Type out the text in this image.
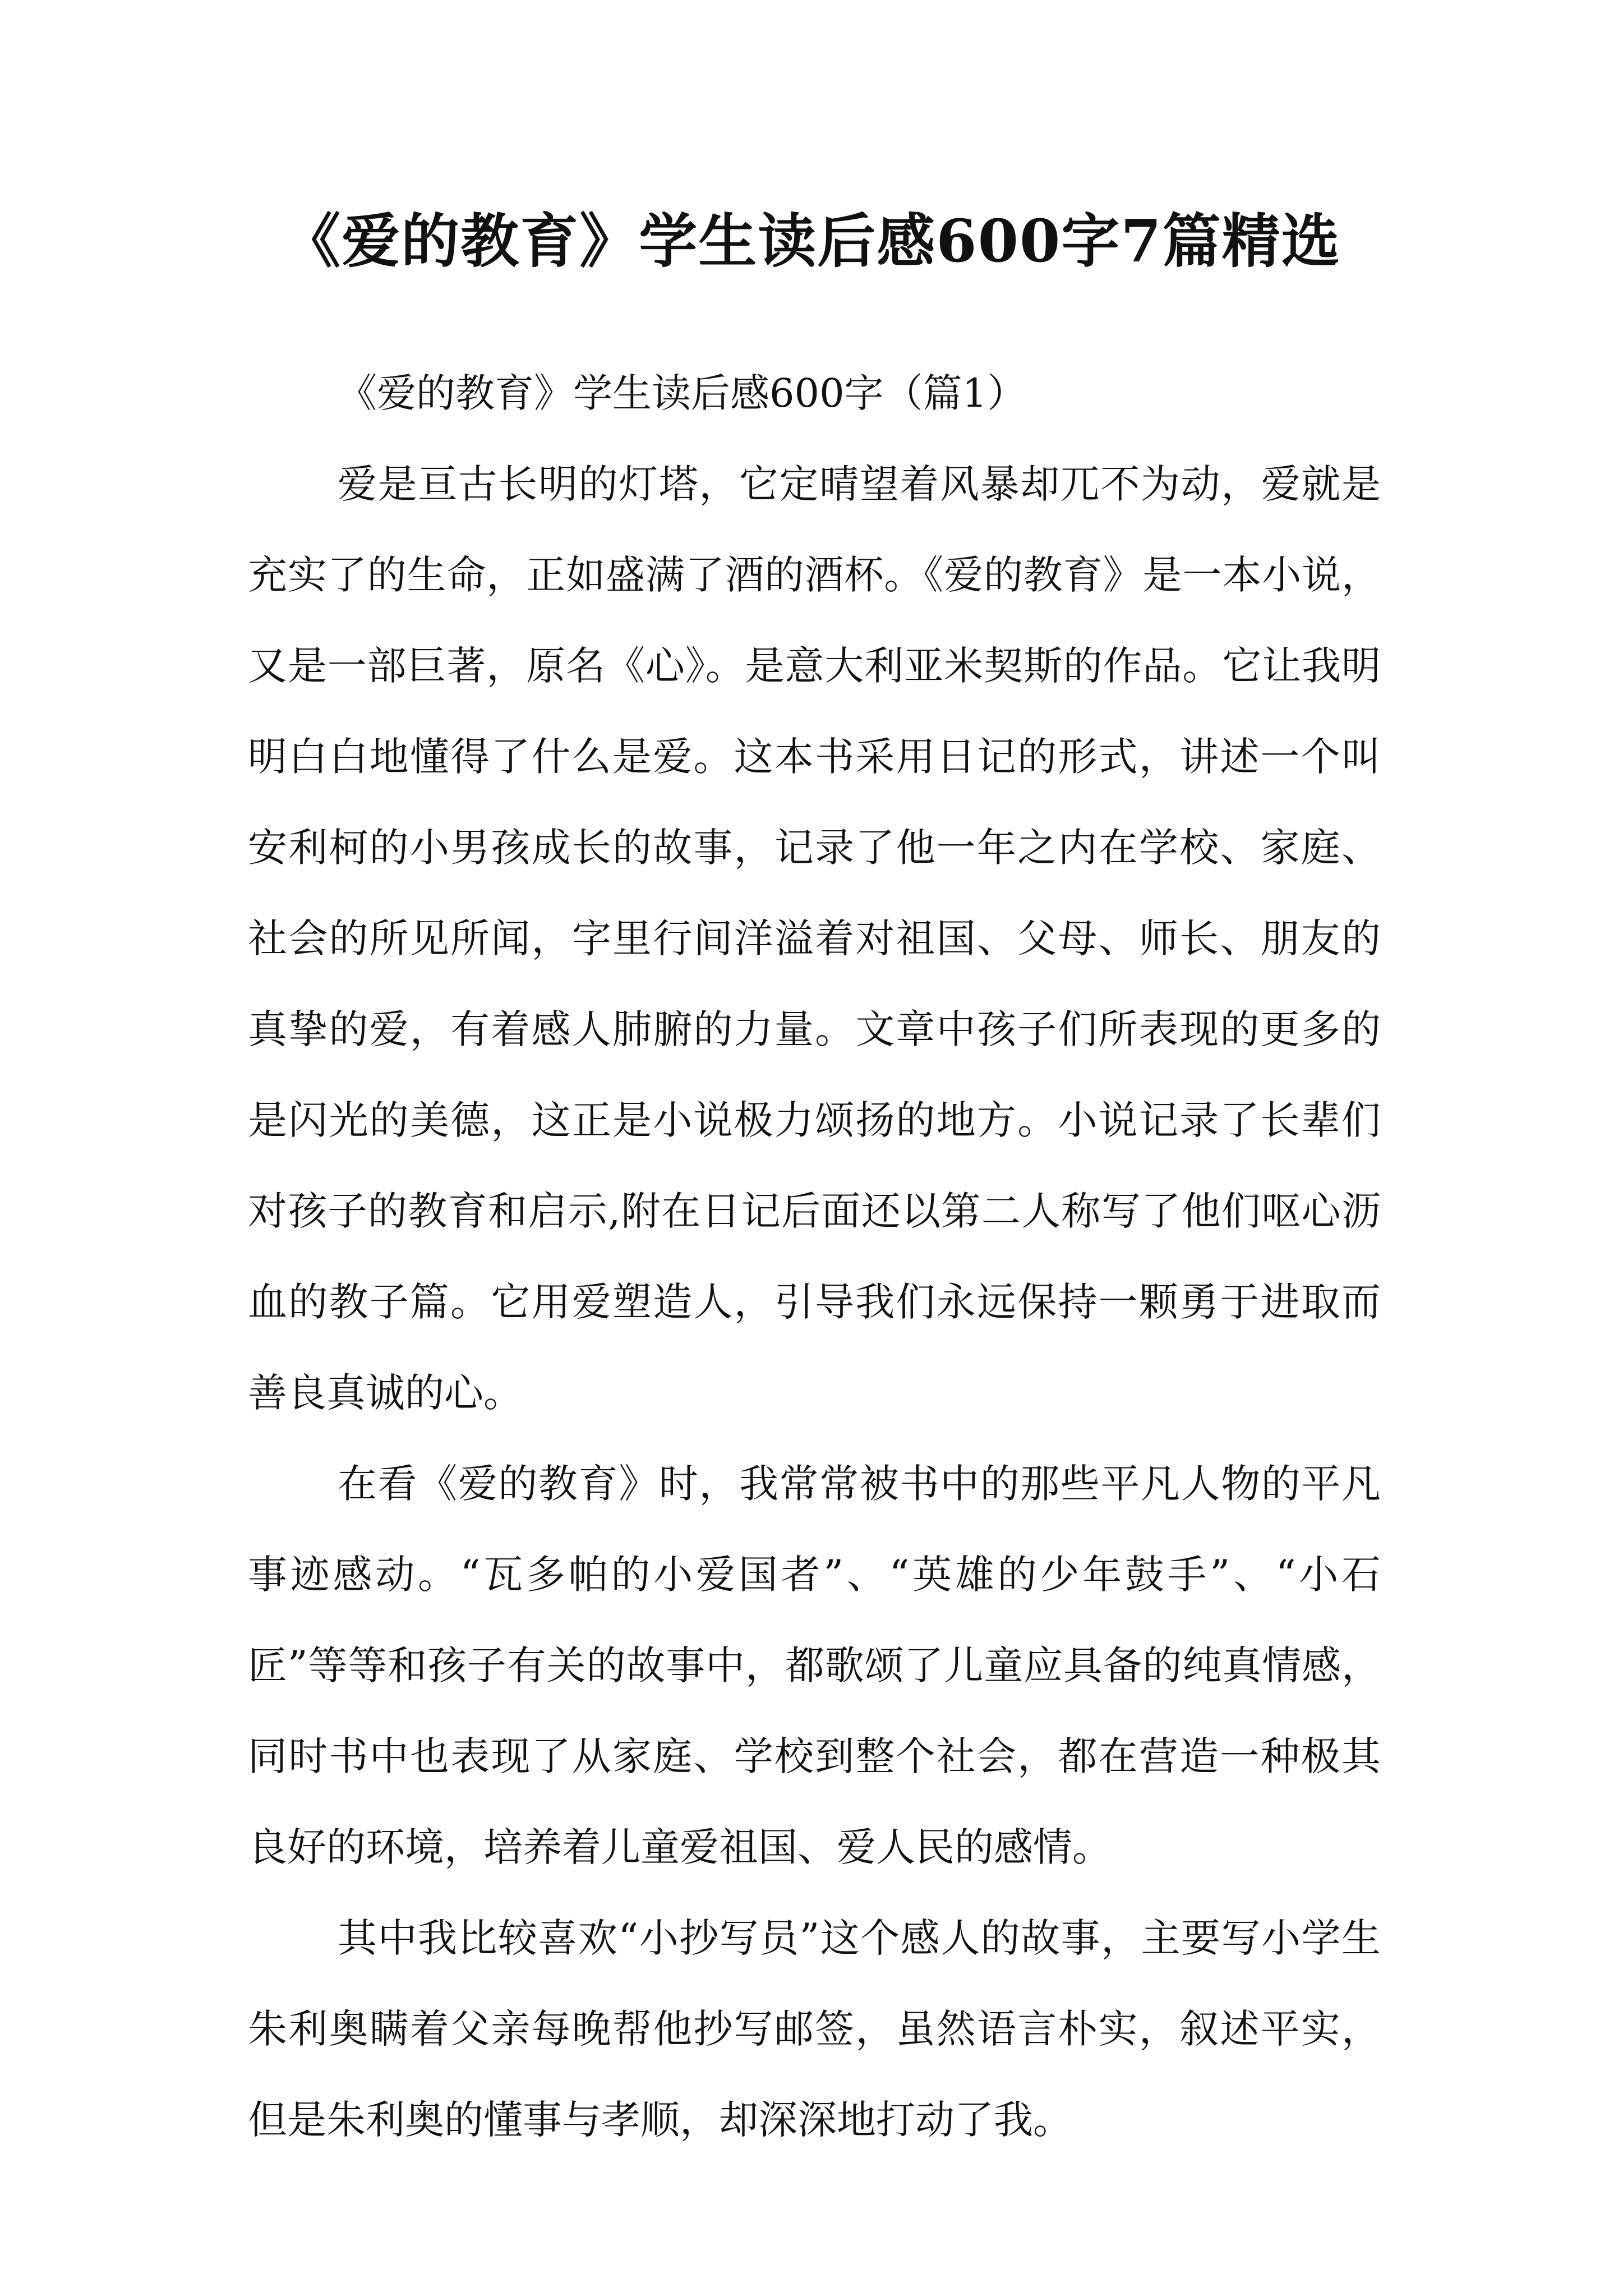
《爱的教育》学生读后感600字7篇精选

《爱的教育》学生读后感600字（篇1）

爱是亘古长明的灯塔，它定晴望着风暴却兀不为动，爱就是充实了的生命，正如盛满了酒的酒杯。《爱的教育》是一本小说，又是一部巨著，原名《心》。是意大利亚米契斯的作品。它让我明明白白地懂得了什么是爱。这本书采用日记的形式，讲述一个叫安利柯的小男孩成长的故事，记录了他一年之内在学校、家庭、社会的所见所闻，字里行间洋溢着对祖国、父母、师长、朋友的真挚的爱，有着感人肺腑的力量。文章中孩子们所表现的更多的是闪光的美德，这正是小说极力颂扬的地方。小说记录了长辈们对孩子的教育和启示,附在日记后面还以第二人称写了他们呕心沥血的教子篇。它用爱塑造人，引导我们永远保持一颗勇于进取而善良真诚的心。

在看《爱的教育》时，我常常被书中的那些平凡人物的平凡事迹感动。“瓦多帕的小爱国者”、“英雄的少年鼓手”、“小石匠”等等和孩子有关的故事中，都歌颂了儿童应具备的纯真情感，同时书中也表现了从家庭、学校到整个社会，都在营造一种极其良好的环境，培养着儿童爱祖国、爱人民的感情。

其中我比较喜欢“小抄写员”这个感人的故事，主要写小学生朱利奥瞒着父亲每晚帮他抄写邮签，虽然语言朴实，叙述平实，但是朱利奥的懂事与孝顺，却深深地打动了我。
